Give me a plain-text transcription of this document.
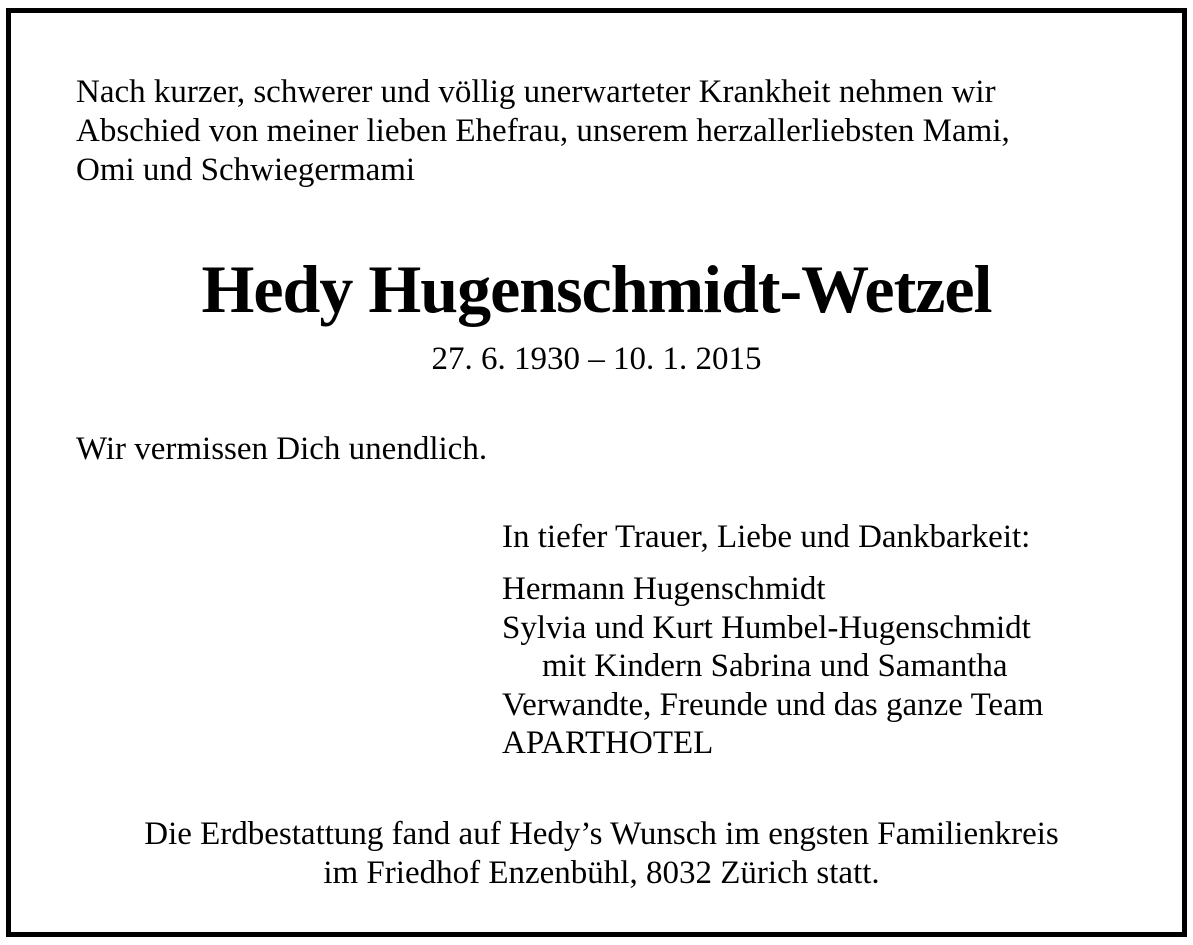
Nach kurzer, schwerer und völlig unerwarteter Krankheit nehmen wir
Abschied von meiner lieben Ehefrau, unserem herzallerliebsten Mami,
Omi und Schwiegermami

Hedy Hugenschmidt-Wetzel

27. 6. 1930 – 10. 1. 2015

Wir vermissen Dich unendlich.

In tiefer Trauer, Liebe und Dankbarkeit:

Hermann Hugenschmidt
Sylvia und Kurt Humbel-Hugenschmidt
mit Kindern Sabrina und Samantha
Verwandte, Freunde und das ganze Team
APARTHOTEL

Die Erdbestattung fand auf Hedy’s Wunsch im engsten Familienkreis
im Friedhof Enzenbühl, 8032 Zürich statt.
